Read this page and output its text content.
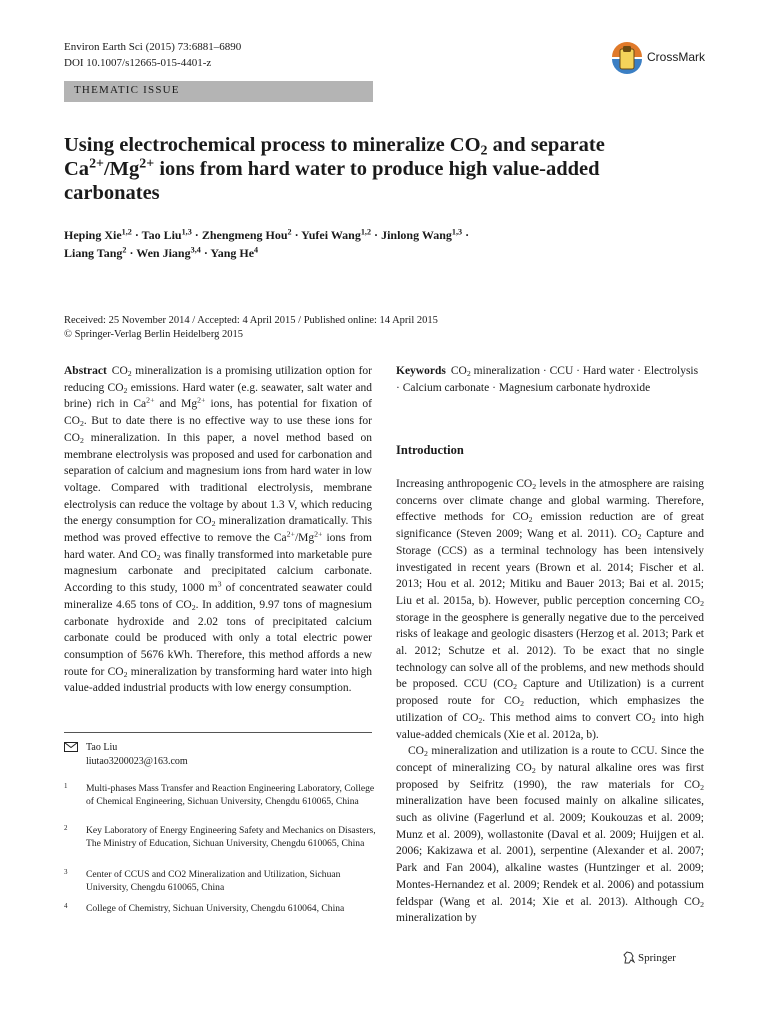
Environ Earth Sci (2015) 73:6881–6890
DOI 10.1007/s12665-015-4401-z	CrossMark
THEMATIC ISSUE
Using electrochemical process to mineralize $CO_2$ and separate
$Ca^{2+}/Mg^{2+}$ ions from hard water to produce high value-added
carbonates
Heping Xie$^{1,2}$ · Tao Liu$^{1,3}$ · Zhengmeng Hou$^2$ · Yufei Wang$^{1,2}$ · Jinlong Wang$^{1,3}$ ·
Liang Tang$^2$ · Wen Jiang$^{3,4}$ · Yang He$^4$
Received: 25 November 2014 / Accepted: 4 April 2015 / Published online: 14 April 2015
© Springer-Verlag Berlin Heidelberg 2015
Abstract $CO_2$ mineralization is a promising utilization option for reducing $CO_2$ emissions. Hard water (e.g. seawater, salt water and brine) rich in $Ca^{2+}$ and $Mg^{2+}$ ions, has potential for fixation of $CO_2$. But to date there is no effective way to use these ions for $CO_2$ mineralization. In this paper, a novel method based on membrane electrolysis was proposed and used for carbonation and separation of calcium and magnesium ions from hard water in low voltage. Compared with traditional electrolysis, membrane electrolysis can reduce the voltage by about 1.3 V, which reducing the energy consumption for $CO_2$ mineralization dramatically. This method was proved effective to remove the $Ca^{2+}/Mg^{2+}$ ions from hard water. And $CO_2$ was finally transformed into marketable pure magnesium carbonate and precipitated calcium carbonate. According to this study, 1000 $m^3$ of concentrated seawater could mineralize 4.65 tons of $CO_2$. In addition, 9.97 tons of magnesium carbonate hydroxide and 2.02 tons of precipitated calcium carbonate could be produced with only a total electric power consumption of 5676 kWh. Therefore, this method affords a new route for $CO_2$ mineralization by transforming hard water into high value-added industrial products with low energy consumption.
Keywords $CO_2$ mineralization · CCU · Hard water · Electrolysis · Calcium carbonate · Magnesium carbonate hydroxide
Introduction

Increasing anthropogenic $CO_2$ levels in the atmosphere are raising concerns over climate change and global warming. Therefore, effective methods for $CO_2$ emission reduction are of great significance (Steven 2009; Wang et al. 2011). $CO_2$ Capture and Storage (CCS) as a terminal technology has been intensively investigated in recent years (Brown et al. 2014; Fischer et al. 2013; Hou et al. 2012; Mitiku and Bauer 2013; Bai et al. 2015; Liu et al. 2015a, b). However, public perception concerning $CO_2$ storage in the geosphere is generally negative due to the perceived risks of leakage and geologic disasters (Herzog et al. 2013; Park et al. 2012; Schutze et al. 2012). To be exact that no single technology can solve all of the problems, and new methods should be proposed. CCU ($CO_2$ Capture and Utilization) is a current proposed route for $CO_2$ reduction, which emphasizes the utilization of $CO_2$. This method aims to convert $CO_2$ into high value-added chemicals (Xie et al. 2012a, b).

$CO_2$ mineralization and utilization is a route to CCU. Since the concept of mineralizing $CO_2$ by natural alkaline ores was first proposed by Seifritz (1990), the raw materials for $CO_2$ mineralization have been focused mainly on alkaline silicates, such as olivine (Fagerlund et al. 2009; Koukouzas et al. 2009; Munz et al. 2009), wollastonite (Daval et al. 2009; Huijgen et al. 2006; Kakizawa et al. 2001), serpentine (Alexander et al. 2007; Park and Fan 2004), alkaline wastes (Huntzinger et al. 2009; Montes-Hernandez et al. 2009; Rendek et al. 2006) and potassium feldspar (Wang et al. 2014; Xie et al. 2013). Although $CO_2$ mineralization by

Tao Liu
liutao3200023@163.com
1 Multi-phases Mass Transfer and Reaction Engineering Laboratory, College of Chemical Engineering, Sichuan University, Chengdu 610065, China
2 Key Laboratory of Energy Engineering Safety and Mechanics on Disasters, The Ministry of Education, Sichuan University, Chengdu 610065, China
3 Center of CCUS and CO2 Mineralization and Utilization, Sichuan University, Chengdu 610065, China
4 College of Chemistry, Sichuan University, Chengdu 610064, China
Springer
